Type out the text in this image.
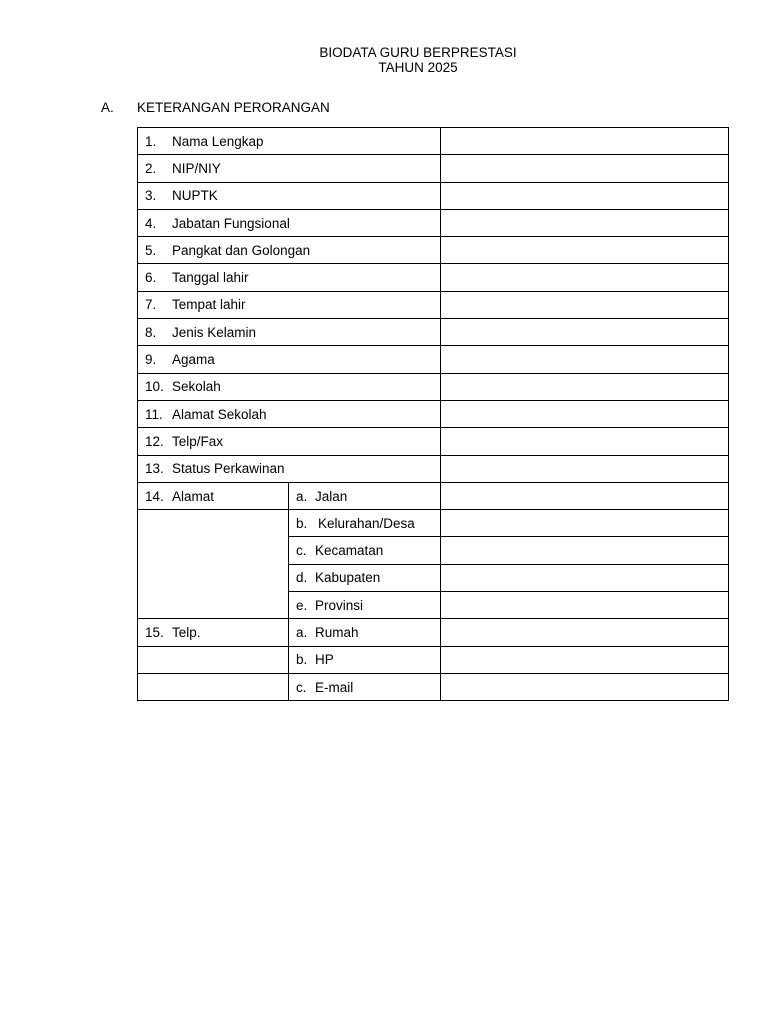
BIODATA GURU BERPRESTASI
TAHUN 2025
A. KETERANGAN PERORANGAN
1. Nama Lengkap		
2. NIP/NIY		
3. NUPTK		
4. Jabatan Fungsional		
5. Pangkat dan Golongan		
6. Tanggal lahir		
7. Tempat lahir		
8. Jenis Kelamin		
9. Agama		
10. Sekolah		
11. Alamat Sekolah		
12. Telp/Fax		
13. Status Perkawinan		
14. Alamat	a. Jalan	
	b. Kelurahan/Desa	
	c. Kecamatan	
	d. Kabupaten	
	e. Provinsi	
15. Telp.	a. Rumah	
	b. HP	
	c. E-mail	
